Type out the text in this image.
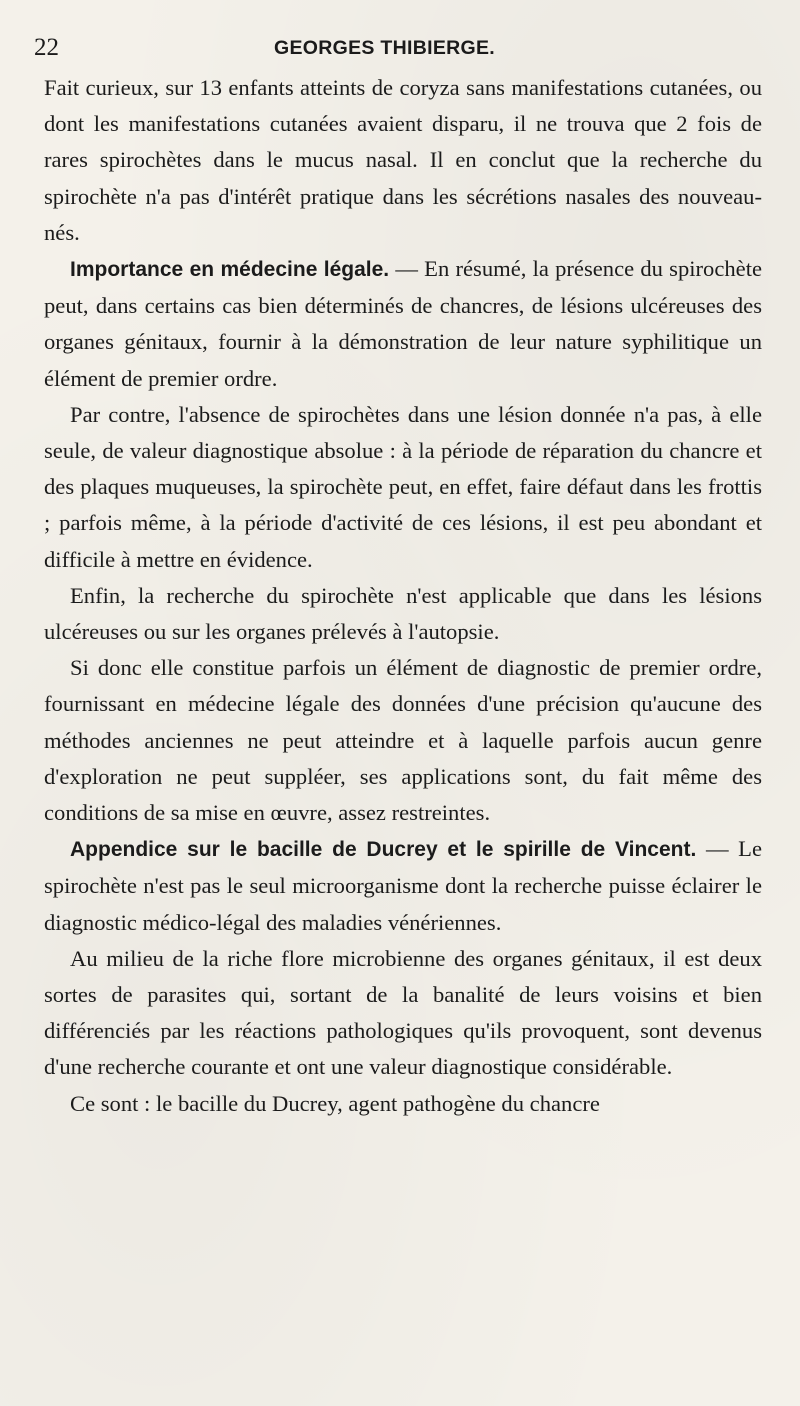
22	GEORGES THIBIERGE.

Fait curieux, sur 13 enfants atteints de coryza sans manifestations cutanées, ou dont les manifestations cutanées avaient disparu, il ne trouva que 2 fois de rares spirochètes dans le mucus nasal. Il en conclut que la recherche du spirochète n'a pas d'intérêt pratique dans les sécrétions nasales des nouveau-nés.

Importance en médecine légale. — En résumé, la présence du spirochète peut, dans certains cas bien déterminés de chancres, de lésions ulcéreuses des organes génitaux, fournir à la démonstration de leur nature syphilitique un élément de premier ordre.

Par contre, l'absence de spirochètes dans une lésion donnée n'a pas, à elle seule, de valeur diagnostique absolue : à la période de réparation du chancre et des plaques muqueuses, la spirochète peut, en effet, faire défaut dans les frottis ; parfois même, à la période d'activité de ces lésions, il est peu abondant et difficile à mettre en évidence.

Enfin, la recherche du spirochète n'est applicable que dans les lésions ulcéreuses ou sur les organes prélevés à l'autopsie.

Si donc elle constitue parfois un élément de diagnostic de premier ordre, fournissant en médecine légale des données d'une précision qu'aucune des méthodes anciennes ne peut atteindre et à laquelle parfois aucun genre d'exploration ne peut suppléer, ses applications sont, du fait même des conditions de sa mise en œuvre, assez restreintes.

Appendice sur le bacille de Ducrey et le spirille de Vincent. — Le spirochète n'est pas le seul microorganisme dont la recherche puisse éclairer le diagnostic médico-légal des maladies vénériennes.

Au milieu de la riche flore microbienne des organes génitaux, il est deux sortes de parasites qui, sortant de la banalité de leurs voisins et bien différenciés par les réactions pathologiques qu'ils provoquent, sont devenus d'une recherche courante et ont une valeur diagnostique considérable.

Ce sont : le bacille du Ducrey, agent pathogène du chancre
